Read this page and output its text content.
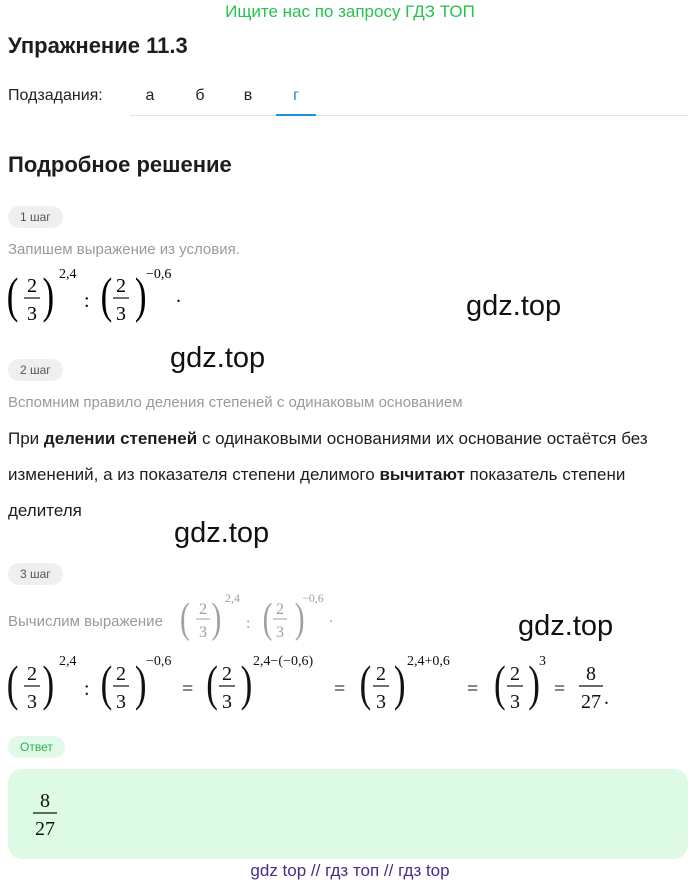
Ищите нас по запросу ГДЗ ТОП
Упражнение 11.3
Подзадания:	а	б	в	г
Подробное решение
1 шаг
Запишем выражение из условия.
( 2
3 ) 2,4
: ( 2
3 ) −0,6
.	gdz.top
gdz.top
2 шаг
Вспомним правило деления степеней с одинаковым основанием
При делении степеней с одинаковыми основаниями их основание остаётся без изменений, а из показателя степени делимого вычитают показатель степени делителя
gdz.top
3 шаг
Вычислим выражение ( 2
3 ) 2,4
: ( 2
3 )
−0,6
.	gdz.top
( 2
3 ) 2,4
: ( 2
3 ) −0,6
= ( 2
3 ) 2,4−(−0,6)
= ( 2
3 ) 2,4+0,6
= ( 2
3 ) 3
=
8
27 .
Ответ
8
27
gdz top // гдз топ // гдз top
